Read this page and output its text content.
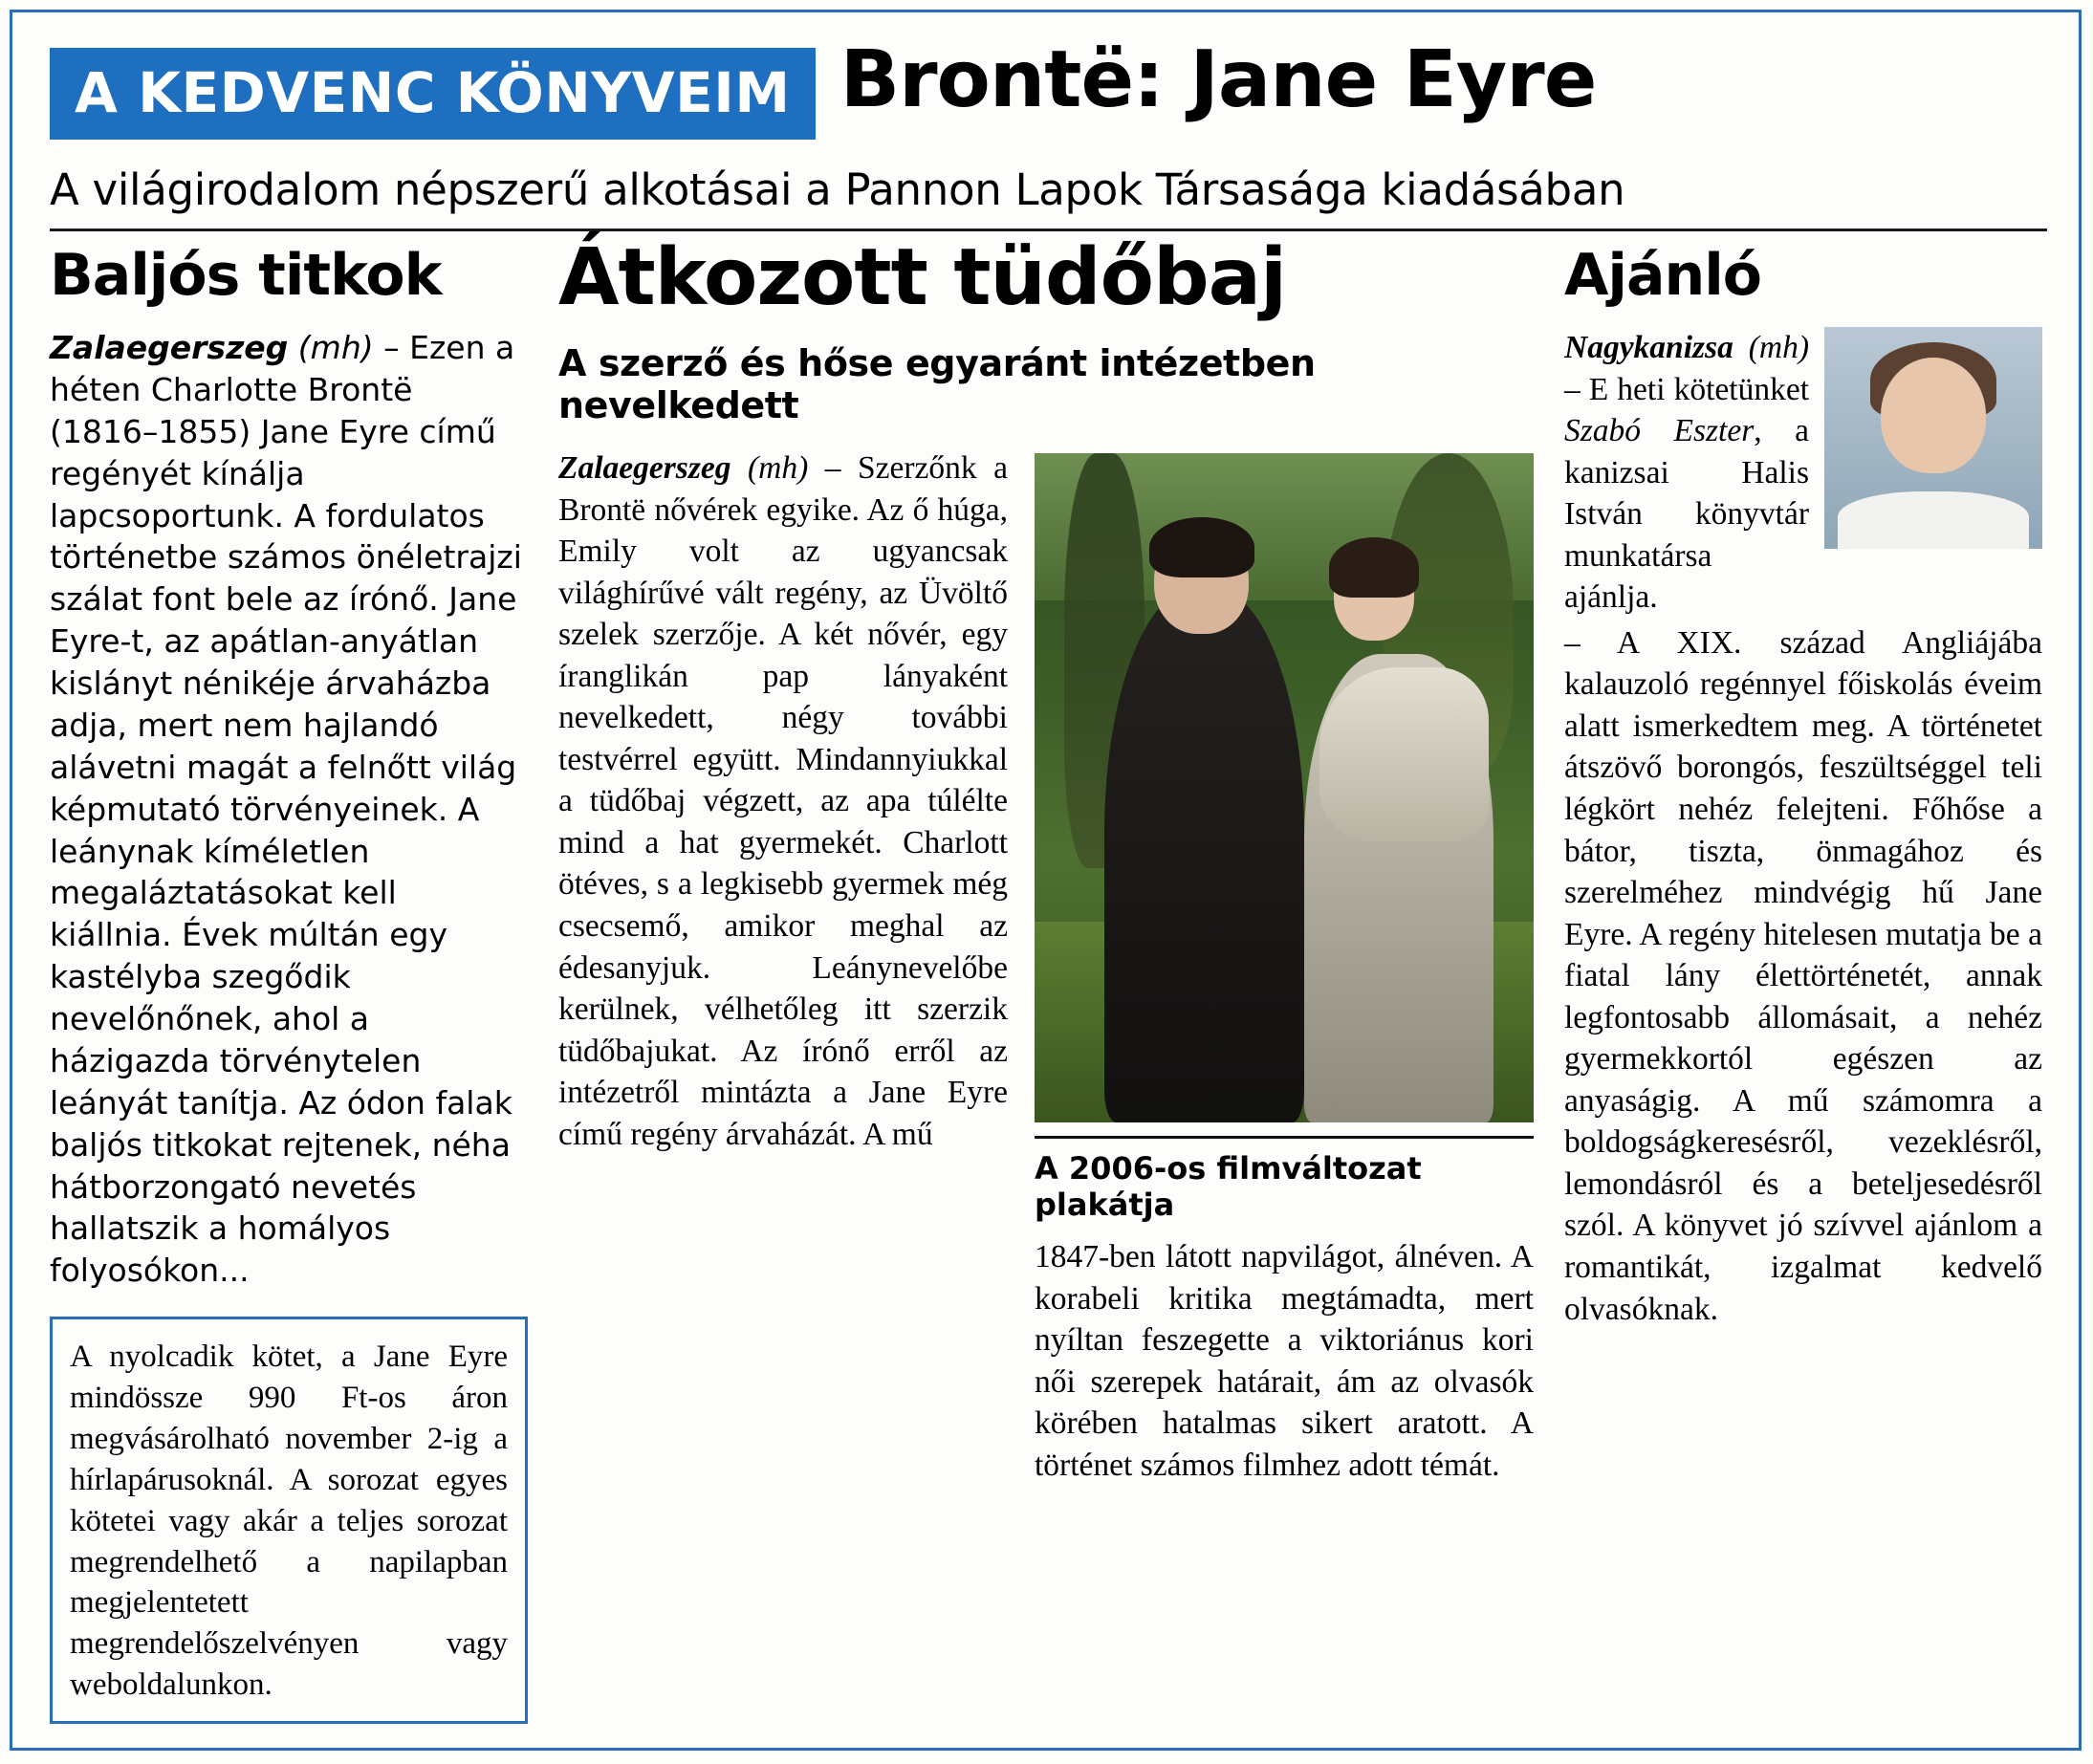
A KEDVENC KÖNYVEIM Brontë: Jane Eyre
A világirodalom népszerű alkotásai a Pannon Lapok Társasága kiadásában
Baljós titkok

Zalaegerszeg (mh) – Ezen a héten Charlotte Brontë (1816–1855) Jane Eyre című regényét kínálja lapcsoportunk. A fordulatos történetbe számos önéletrajzi szálat font bele az írónő. Jane Eyre-t, az apátlan-anyátlan kislányt nénikéje árvaházba adja, mert nem hajlandó alávetni magát a felnőtt világ képmutató törvényeinek. A leánynak kíméletlen megaláztatásokat kell kiállnia. Évek múltán egy kastélyba szegődik nevelőnőnek, ahol a házigazda törvénytelen leányát tanítja. Az ódon falak baljós titkokat rejtenek, néha hátborzongató nevetés hallatszik a homályos folyosókon...

A nyolcadik kötet, a Jane Eyre mindössze 990 Ft-os áron megvásárolható november 2-ig a hírlapárusoknál. A sorozat egyes kötetei vagy akár a teljes sorozat megrendelhető a napilapban megjelentetett megrendelőszelvényen vagy weboldalunkon.
Átkozott tüdőbaj
A szerző és hőse egyaránt intézetben nevelkedett

Zalaegerszeg (mh) – Szerzőnk a Brontë nővérek egyike. Az ő húga, Emily volt az ugyancsak világhírűvé vált regény, az Üvöltő szelek szerzője. A két nővér, egy íranglikán pap lányaként nevelkedett, négy további testvérrel együtt. Mindannyiukkal a tüdőbaj végzett, az apa túlélte mind a hat gyermekét. Charlott ötéves, s a legkisebb gyermek még csecsemő, amikor meghal az édesanyjuk. Leánynevelőbe kerülnek, vélhetőleg itt szerzik tüdőbajukat. Az írónő erről az intézetről mintázta a Jane Eyre című regény árvaházát. A mű

A 2006-os filmváltozat plakátja
1847-ben látott napvilágot, álnéven. A korabeli kritika megtámadta, mert nyíltan feszegette a viktoriánus kori női szerepek határait, ám az olvasók körében hatalmas sikert aratott. A történet számos filmhez adott témát.
Ajánló
Nagykanizsa (mh) – E heti kötetünket Szabó Eszter, a kanizsai Halis István könyvtár munkatársa ajánlja.
– A XIX. század Angliájába kalauzoló regénnyel főiskolás éveim alatt ismerkedtem meg. A történetet átszövő borongós, feszültséggel teli légkört nehéz felejteni. Főhőse a bátor, tiszta, önmagához és szerelméhez mindvégig hű Jane Eyre. A regény hitelesen mutatja be a fiatal lány élettörténetét, annak legfontosabb állomásait, a nehéz gyermekkortól egészen az anyaságig. A mű számomra a boldogságkeresésről, vezeklésről, lemondásról és a beteljesedésről szól. A könyvet jó szívvel ajánlom a romantikát, izgalmat kedvelő olvasóknak.
